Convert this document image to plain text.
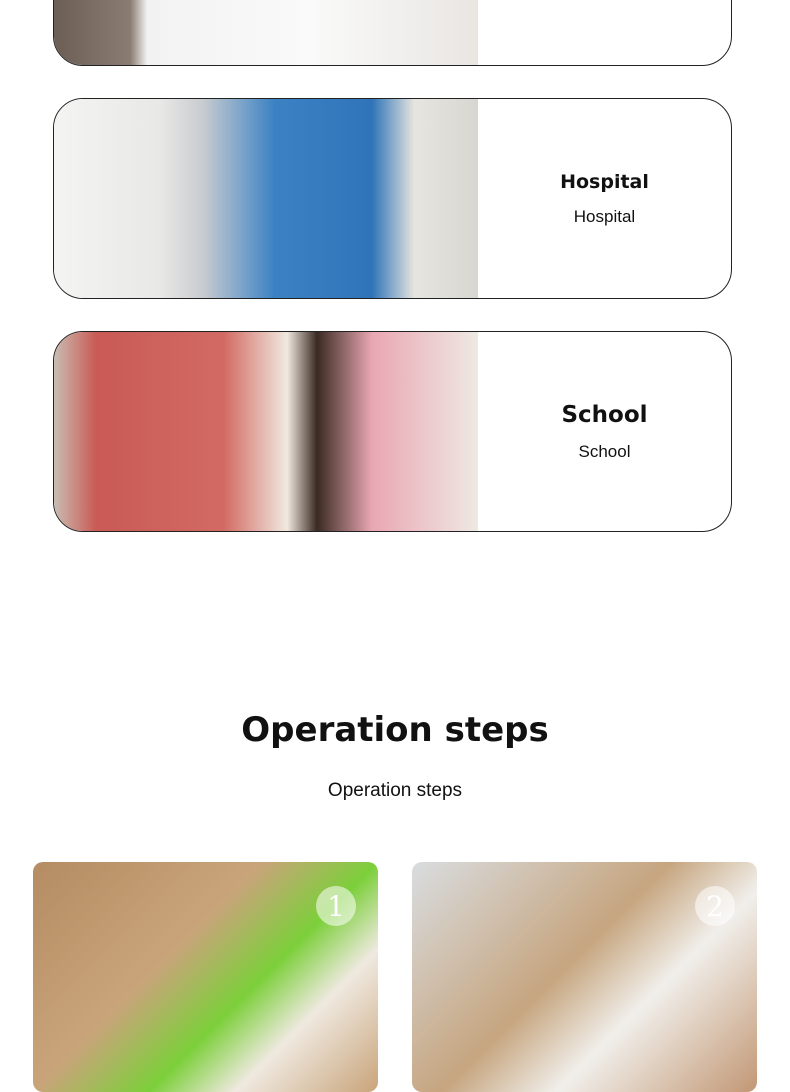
Hospital
Hospital
School
School
Operation steps
Operation steps
1	2
